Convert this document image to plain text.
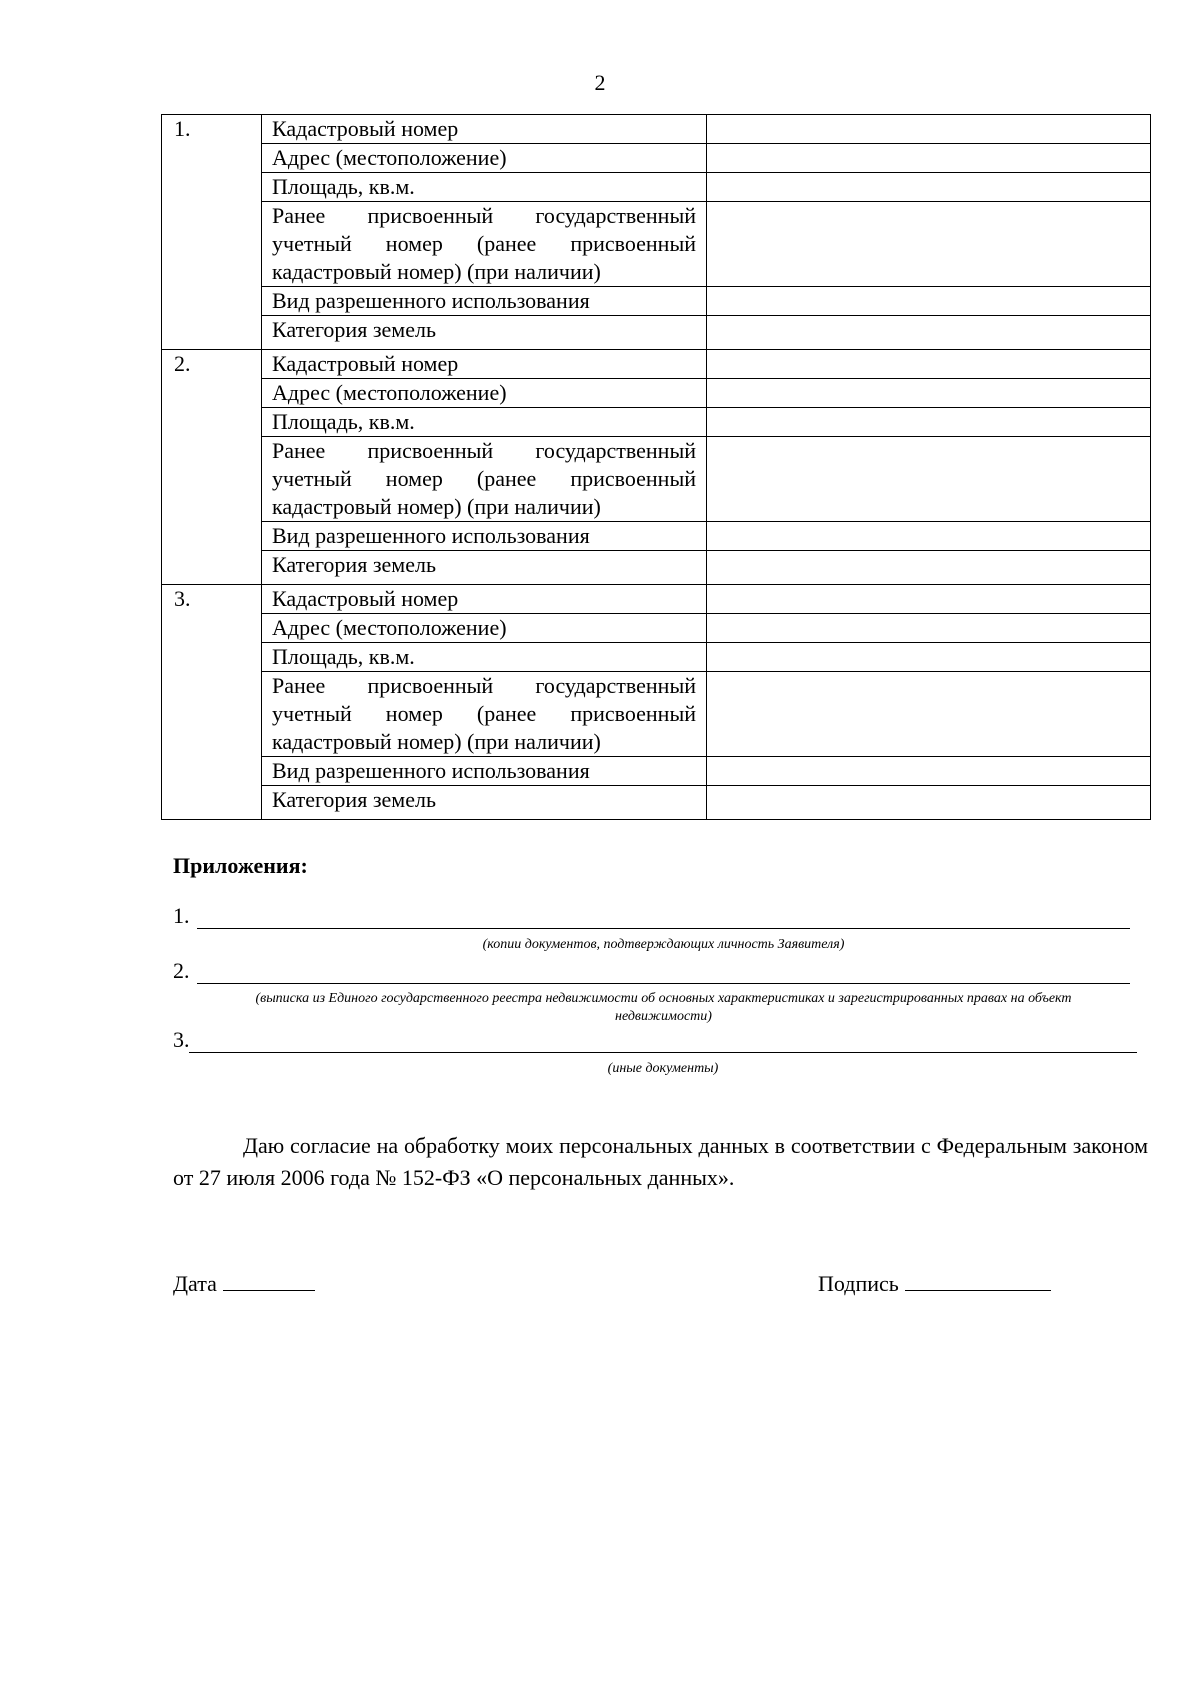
2
1.	Кадастровый номер	
	Адрес (местоположение)	
	Площадь, кв.м.	
	Ранее присвоенный государственный учетный номер (ранее присвоенный кадастровый номер) (при наличии)	
	Вид разрешенного использования	
	Категория земель	
2.	Кадастровый номер	
	Адрес (местоположение)	
	Площадь, кв.м.	
	Ранее присвоенный государственный учетный номер (ранее присвоенный кадастровый номер) (при наличии)	
	Вид разрешенного использования	
	Категория земель	
3.	Кадастровый номер	
	Адрес (местоположение)	
	Площадь, кв.м.	
	Ранее присвоенный государственный учетный номер (ранее присвоенный кадастровый номер) (при наличии)	
	Вид разрешенного использования	
	Категория земель	
Приложения:
1.
(копии документов, подтверждающих личность Заявителя)
2.
(выписка из Единого государственного реестра недвижимости об основных характеристиках и зарегистрированных правах на объект недвижимости)
3.
(иные документы)
Даю согласие на обработку моих персональных данных в соответствии с Федеральным законом от 27 июля 2006 года № 152-ФЗ «О персональных данных».
Дата	Подпись
